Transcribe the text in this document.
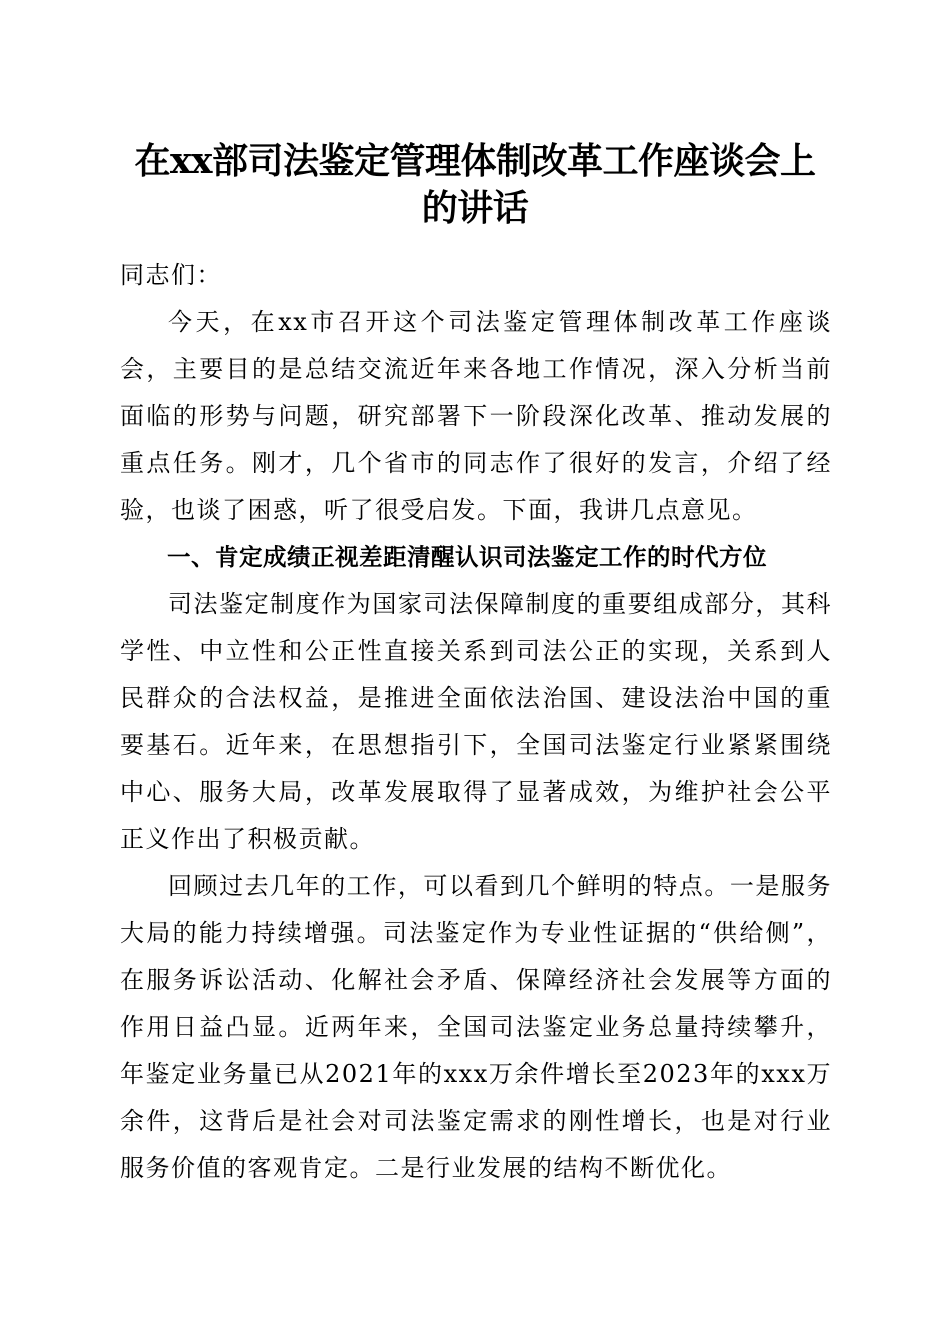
在xx部司法鉴定管理体制改革工作座谈会上的讲话

同志们：

今天，在xx市召开这个司法鉴定管理体制改革工作座谈会，主要目的是总结交流近年来各地工作情况，深入分析当前面临的形势与问题，研究部署下一阶段深化改革、推动发展的重点任务。刚才，几个省市的同志作了很好的发言，介绍了经验，也谈了困惑，听了很受启发。下面，我讲几点意见。

一、肯定成绩正视差距清醒认识司法鉴定工作的时代方位

司法鉴定制度作为国家司法保障制度的重要组成部分，其科学性、中立性和公正性直接关系到司法公正的实现，关系到人民群众的合法权益，是推进全面依法治国、建设法治中国的重要基石。近年来，在思想指引下，全国司法鉴定行业紧紧围绕中心、服务大局，改革发展取得了显著成效，为维护社会公平正义作出了积极贡献。

回顾过去几年的工作，可以看到几个鲜明的特点。一是服务大局的能力持续增强。司法鉴定作为专业性证据的“供给侧”，在服务诉讼活动、化解社会矛盾、保障经济社会发展等方面的作用日益凸显。近两年来，全国司法鉴定业务总量持续攀升，年鉴定业务量已从2021年的xxx万余件增长至2023年的xxx万余件，这背后是社会对司法鉴定需求的刚性增长，也是对行业服务价值的客观肯定。二是行业发展的结构不断优化。
